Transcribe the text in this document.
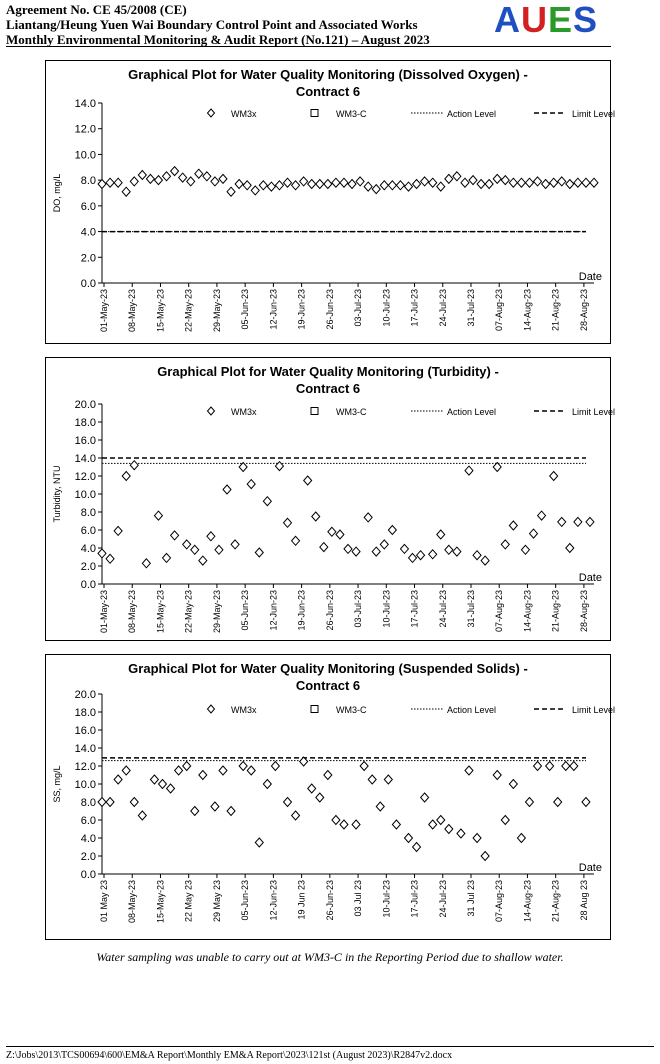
Agreement No. CE 45/2008 (CE)
Liantang/Heung Yuen Wai Boundary Control Point and Associated Works
Monthly Environmental Monitoring & Audit Report (No.121) – August 2023	AUES
Graphical Plot for Water Quality Monitoring (Dissolved Oxygen) -
Contract 6
0.0
2.0
4.0
6.0
8.0
10.0
12.0
14.0
DO, mg/L
Date
01-May-23 08-May-23 15-May-23 22-May-23 29-May-23 05-Jun-23 12-Jun-23 19-Jun-23 26-Jun-23 03-Jul-23 10-Jul-23 17-Jul-23 24-Jul-23 31-Jul-23 07-Aug-23 14-Aug-23 21-Aug-23 28-Aug-23
WM3x	WM3-C	Action Level	Limit Level
Graphical Plot for Water Quality Monitoring (Turbidity) -
Contract 6
0.0
2.0
4.0
6.0
8.0
10.0
12.0
14.0
16.0
18.0
20.0
Turbidity, NTU
Date
01-May-23 08-May-23 15-May-23 22-May-23 29-May-23 05-Jun-23 12-Jun-23 19-Jun-23 26-Jun-23 03-Jul-23 10-Jul-23 17-Jul-23 24-Jul-23 31-Jul-23 07-Aug-23 14-Aug-23 21-Aug-23 28-Aug-23
WM3x	WM3-C	Action Level	Limit Level
Graphical Plot for Water Quality Monitoring (Suspended Solids) -
Contract 6
0.0
2.0
4.0
6.0
8.0
10.0
12.0
14.0
16.0
18.0
20.0
SS, mg/L
Date
01 May 23 08-May-23 15-May-23 22 May 23 29 May 23 05-Jun-23 12-Jun-23 19 Jun 23 26-Jun-23 03 Jul 23 10-Jul-23 17-Jul-23 24-Jul-23 31 Jul 23 07-Aug-23 14-Aug-23 21-Aug-23 28 Aug 23
WM3x	WM3-C	Action Level	Limit Level
Water sampling was unable to carry out at WM3-C in the Reporting Period due to shallow water.
Z:\Jobs\2013\TCS00694\600\EM&A Report\Monthly EM&A Report\2023\121st (August 2023)\R2847v2.docx
